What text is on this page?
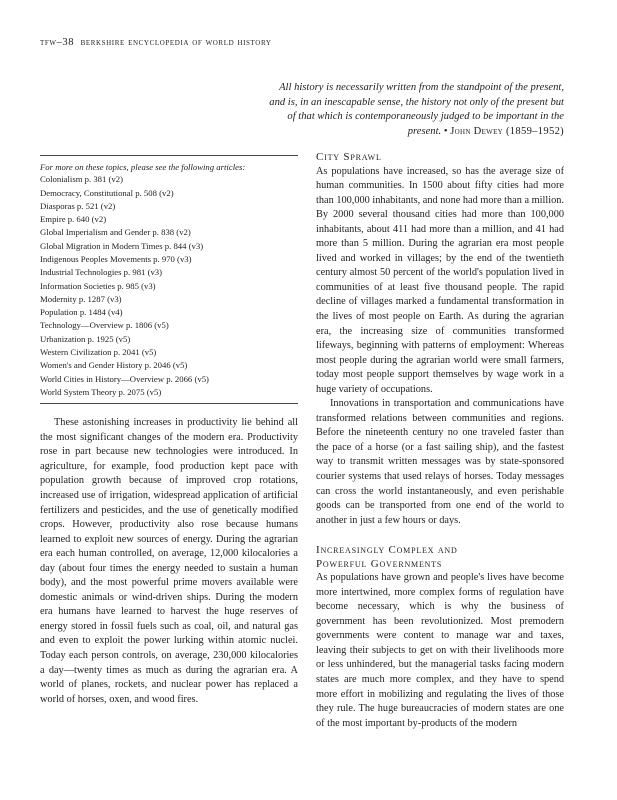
tfw–38 berkshire encyclopedia of world history
All history is necessarily written from the standpoint of the present, and is, in an inescapable sense, the history not only of the present but of that which is contemporaneously judged to be important in the present. • John Dewey (1859–1952)
For more on these topics, please see the following articles:
Colonialism p. 381 (v2)
Democracy, Constitutional p. 508 (v2)
Diasporas p. 521 (v2)
Empire p. 640 (v2)
Global Imperialism and Gender p. 838 (v2)
Global Migration in Modern Times p. 844 (v3)
Indigenous Peoples Movements p. 970 (v3)
Industrial Technologies p. 981 (v3)
Information Societies p. 985 (v3)
Modernity p. 1287 (v3)
Population p. 1484 (v4)
Technology—Overview p. 1806 (v5)
Urbanization p. 1925 (v5)
Western Civilization p. 2041 (v5)
Women's and Gender History p. 2046 (v5)
World Cities in History—Overview p. 2066 (v5)
World System Theory p. 2075 (v5)

These astonishing increases in productivity lie behind all the most significant changes of the modern era. Productivity rose in part because new technologies were introduced. In agriculture, for example, food production kept pace with population growth because of improved crop rotations, increased use of irrigation, widespread application of artificial fertilizers and pesticides, and the use of genetically modified crops. However, productivity also rose because humans learned to exploit new sources of energy. During the agrarian era each human controlled, on average, 12,000 kilocalories a day (about four times the energy needed to sustain a human body), and the most powerful prime movers available were domestic animals or wind-driven ships. During the modern era humans have learned to harvest the huge reserves of energy stored in fossil fuels such as coal, oil, and natural gas and even to exploit the power lurking within atomic nuclei. Today each person controls, on average, 230,000 kilocalories a day—twenty times as much as during the agrarian era. A world of planes, rockets, and nuclear power has replaced a world of horses, oxen, and wood fires.

City Sprawl

As populations have increased, so has the average size of human communities. In 1500 about fifty cities had more than 100,000 inhabitants, and none had more than a million. By 2000 several thousand cities had more than 100,000 inhabitants, about 411 had more than a million, and 41 had more than 5 million. During the agrarian era most people lived and worked in villages; by the end of the twentieth century almost 50 percent of the world's population lived in communities of at least five thousand people. The rapid decline of villages marked a fundamental transformation in the lives of most people on Earth. As during the agrarian era, the increasing size of communities transformed lifeways, beginning with patterns of employment: Whereas most people during the agrarian world were small farmers, today most people support themselves by wage work in a huge variety of occupations.

Innovations in transportation and communications have transformed relations between communities and regions. Before the nineteenth century no one traveled faster than the pace of a horse (or a fast sailing ship), and the fastest way to transmit written messages was by state-sponsored courier systems that used relays of horses. Today messages can cross the world instantaneously, and even perishable goods can be transported from one end of the world to another in just a few hours or days.

Increasingly Complex and
Powerful Governments

As populations have grown and people's lives have become more intertwined, more complex forms of regulation have become necessary, which is why the business of government has been revolutionized. Most premodern governments were content to manage war and taxes, leaving their subjects to get on with their livelihoods more or less unhindered, but the managerial tasks facing modern states are much more complex, and they have to spend more effort in mobilizing and regulating the lives of those they rule. The huge bureaucracies of modern states are one of the most important by-products of the modern
